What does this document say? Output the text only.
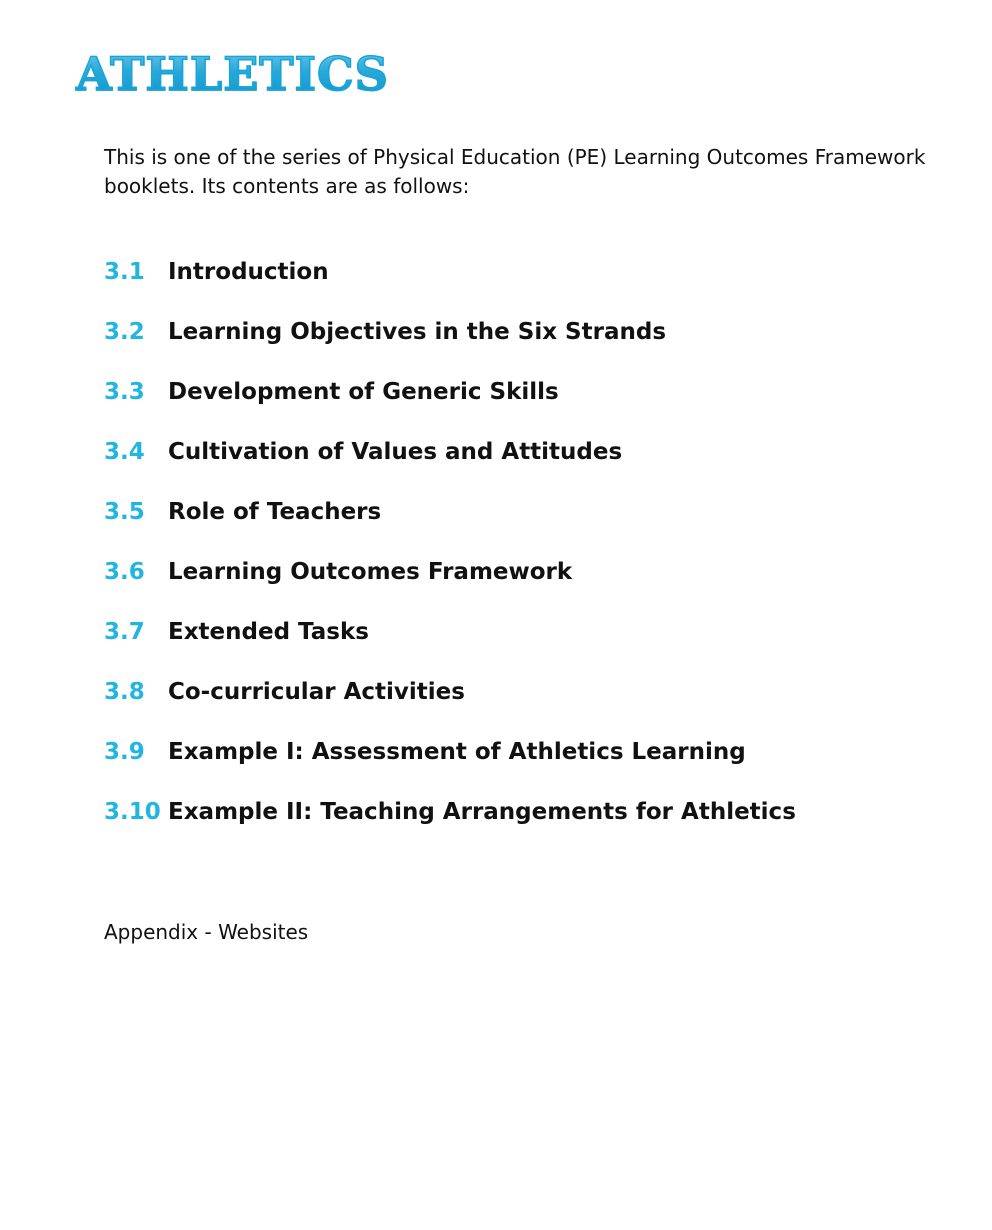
ATHLETICS

This is one of the series of Physical Education (PE) Learning Outcomes Framework booklets. Its contents are as follows:

3.1	Introduction
3.2	Learning Objectives in the Six Strands
3.3	Development of Generic Skills
3.4	Cultivation of Values and Attitudes
3.5	Role of Teachers
3.6	Learning Outcomes Framework
3.7	Extended Tasks
3.8	Co-curricular Activities
3.9	Example I: Assessment of Athletics Learning
3.10 Example II: Teaching Arrangements for Athletics

Appendix - Websites
